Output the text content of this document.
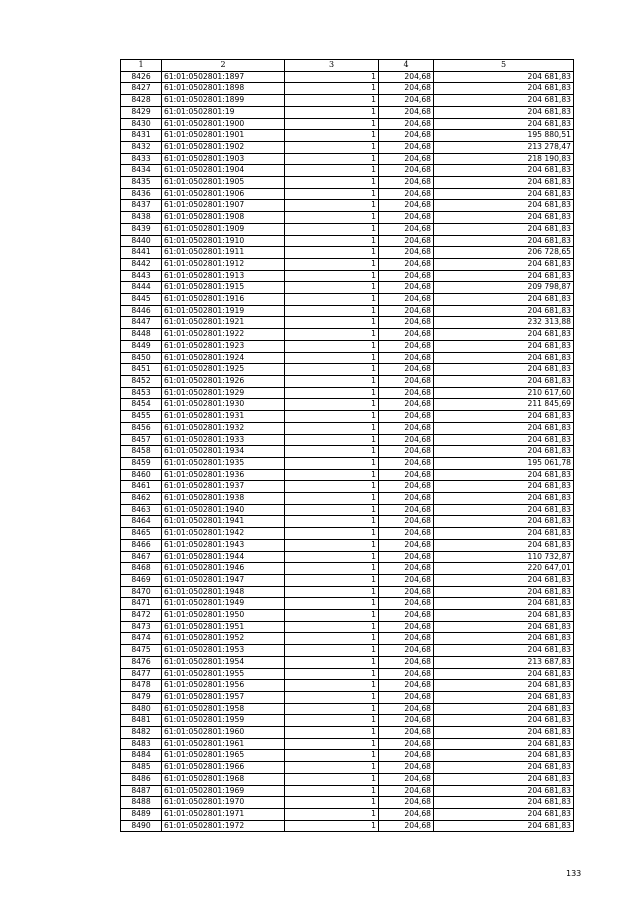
1	2	3	4	5
8426	61:01:0502801:1897	1	204,68	204 681,83
8427	61:01:0502801:1898	1	204,68	204 681,83
8428	61:01:0502801:1899	1	204,68	204 681,83
8429	61:01:0502801:19	1	204,68	204 681,83
8430	61:01:0502801:1900	1	204,68	204 681,83
8431	61:01:0502801:1901	1	204,68	195 880,51
8432	61:01:0502801:1902	1	204,68	213 278,47
8433	61:01:0502801:1903	1	204,68	218 190,83
8434	61:01:0502801:1904	1	204,68	204 681,83
8435	61:01:0502801:1905	1	204,68	204 681,83
8436	61:01:0502801:1906	1	204,68	204 681,83
8437	61:01:0502801:1907	1	204,68	204 681,83
8438	61:01:0502801:1908	1	204,68	204 681,83
8439	61:01:0502801:1909	1	204,68	204 681,83
8440	61:01:0502801:1910	1	204,68	204 681,83
8441	61:01:0502801:1911	1	204,68	206 728,65
8442	61:01:0502801:1912	1	204,68	204 681,83
8443	61:01:0502801:1913	1	204,68	204 681,83
8444	61:01:0502801:1915	1	204,68	209 798,87
8445	61:01:0502801:1916	1	204,68	204 681,83
8446	61:01:0502801:1919	1	204,68	204 681,83
8447	61:01:0502801:1921	1	204,68	232 313,88
8448	61:01:0502801:1922	1	204,68	204 681,83
8449	61:01:0502801:1923	1	204,68	204 681,83
8450	61:01:0502801:1924	1	204,68	204 681,83
8451	61:01:0502801:1925	1	204,68	204 681,83
8452	61:01:0502801:1926	1	204,68	204 681,83
8453	61:01:0502801:1929	1	204,68	210 617,60
8454	61:01:0502801:1930	1	204,68	211 845,69
8455	61:01:0502801:1931	1	204,68	204 681,83
8456	61:01:0502801:1932	1	204,68	204 681,83
8457	61:01:0502801:1933	1	204,68	204 681,83
8458	61:01:0502801:1934	1	204,68	204 681,83
8459	61:01:0502801:1935	1	204,68	195 061,78
8460	61:01:0502801:1936	1	204,68	204 681,83
8461	61:01:0502801:1937	1	204,68	204 681,83
8462	61:01:0502801:1938	1	204,68	204 681,83
8463	61:01:0502801:1940	1	204,68	204 681,83
8464	61:01:0502801:1941	1	204,68	204 681,83
8465	61:01:0502801:1942	1	204,68	204 681,83
8466	61:01:0502801:1943	1	204,68	204 681,83
8467	61:01:0502801:1944	1	204,68	110 732,87
8468	61:01:0502801:1946	1	204,68	220 647,01
8469	61:01:0502801:1947	1	204,68	204 681,83
8470	61:01:0502801:1948	1	204,68	204 681,83
8471	61:01:0502801:1949	1	204,68	204 681,83
8472	61:01:0502801:1950	1	204,68	204 681,83
8473	61:01:0502801:1951	1	204,68	204 681,83
8474	61:01:0502801:1952	1	204,68	204 681,83
8475	61:01:0502801:1953	1	204,68	204 681,83
8476	61:01:0502801:1954	1	204,68	213 687,83
8477	61:01:0502801:1955	1	204,68	204 681,83
8478	61:01:0502801:1956	1	204,68	204 681,83
8479	61:01:0502801:1957	1	204,68	204 681,83
8480	61:01:0502801:1958	1	204,68	204 681,83
8481	61:01:0502801:1959	1	204,68	204 681,83
8482	61:01:0502801:1960	1	204,68	204 681,83
8483	61:01:0502801:1961	1	204,68	204 681,83
8484	61:01:0502801:1965	1	204,68	204 681,83
8485	61:01:0502801:1966	1	204,68	204 681,83
8486	61:01:0502801:1968	1	204,68	204 681,83
8487	61:01:0502801:1969	1	204,68	204 681,83
8488	61:01:0502801:1970	1	204,68	204 681,83
8489	61:01:0502801:1971	1	204,68	204 681,83
8490	61:01:0502801:1972	1	204,68	204 681,83
133
